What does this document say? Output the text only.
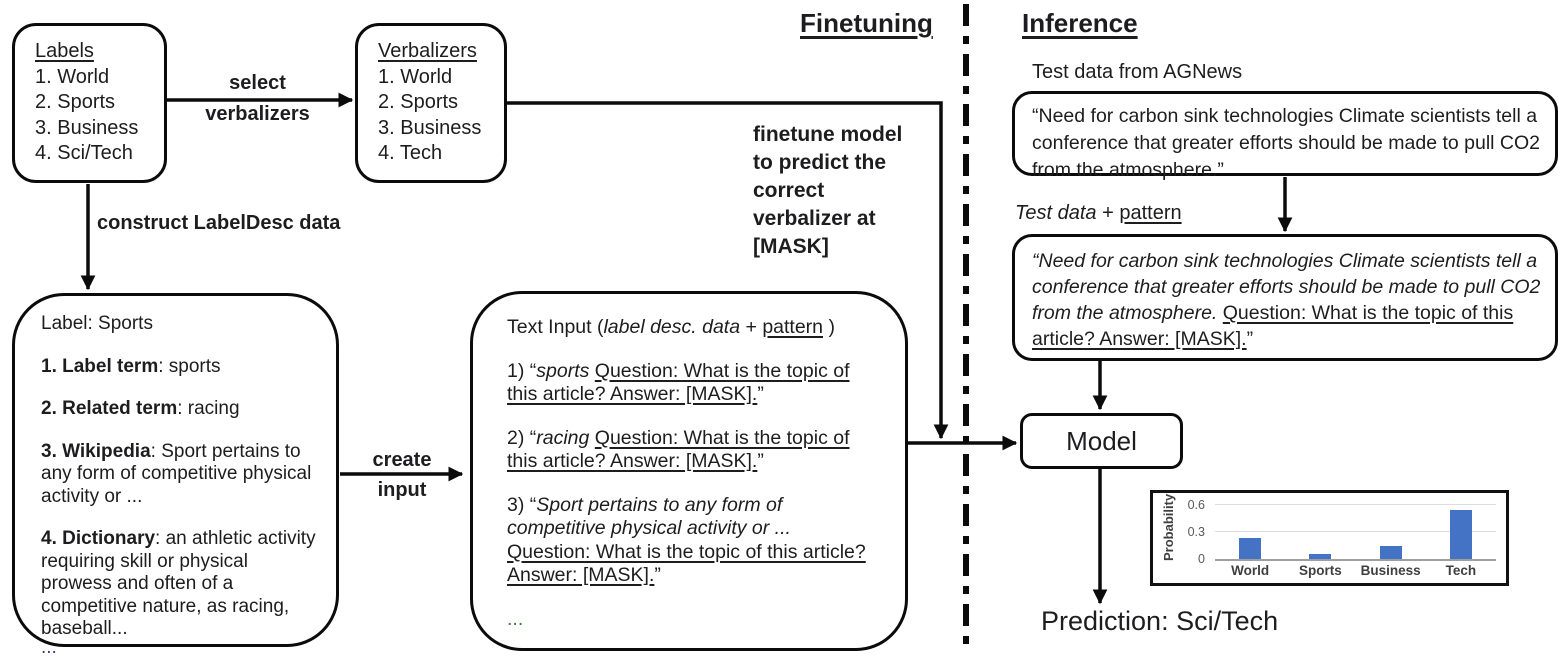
Finetuning	Inference
Labels
1. World
2. Sports
3. Business
4. Sci/Tech
select
verbalizers
Verbalizers
1. World
2. Sports
3. Business
4. Tech
construct LabelDesc data
finetune model
to predict the
correct
verbalizer at
[MASK]

Label: Sports

1. Label term: sports

2. Related term: racing

3. Wikipedia: Sport pertains to any form of competitive physical activity or ...

4. Dictionary: an athletic activity requiring skill or physical prowess and often of a competitive nature, as racing, baseball...

...

create
input

Text Input (label desc. data + pattern )

1) “sports Question: What is the topic of this article? Answer: [MASK].”

2) “racing Question: What is the topic of this article? Answer: [MASK].”

3) “Sport pertains to any form of competitive physical activity or ... Question: What is the topic of this article? Answer: [MASK].”

...

Test data from AGNews
“Need for carbon sink technologies Climate scientists tell a conference that greater efforts should be made to pull CO2 from the atmosphere.”
Test data + pattern
“Need for carbon sink technologies Climate scientists tell a conference that greater efforts should be made to pull CO2 from the atmosphere. Question: What is the topic of this article? Answer: [MASK].”
Model
Prediction: Sci/Tech
Probability 0
0.3
0.6
World	Sports	Business	Tech
